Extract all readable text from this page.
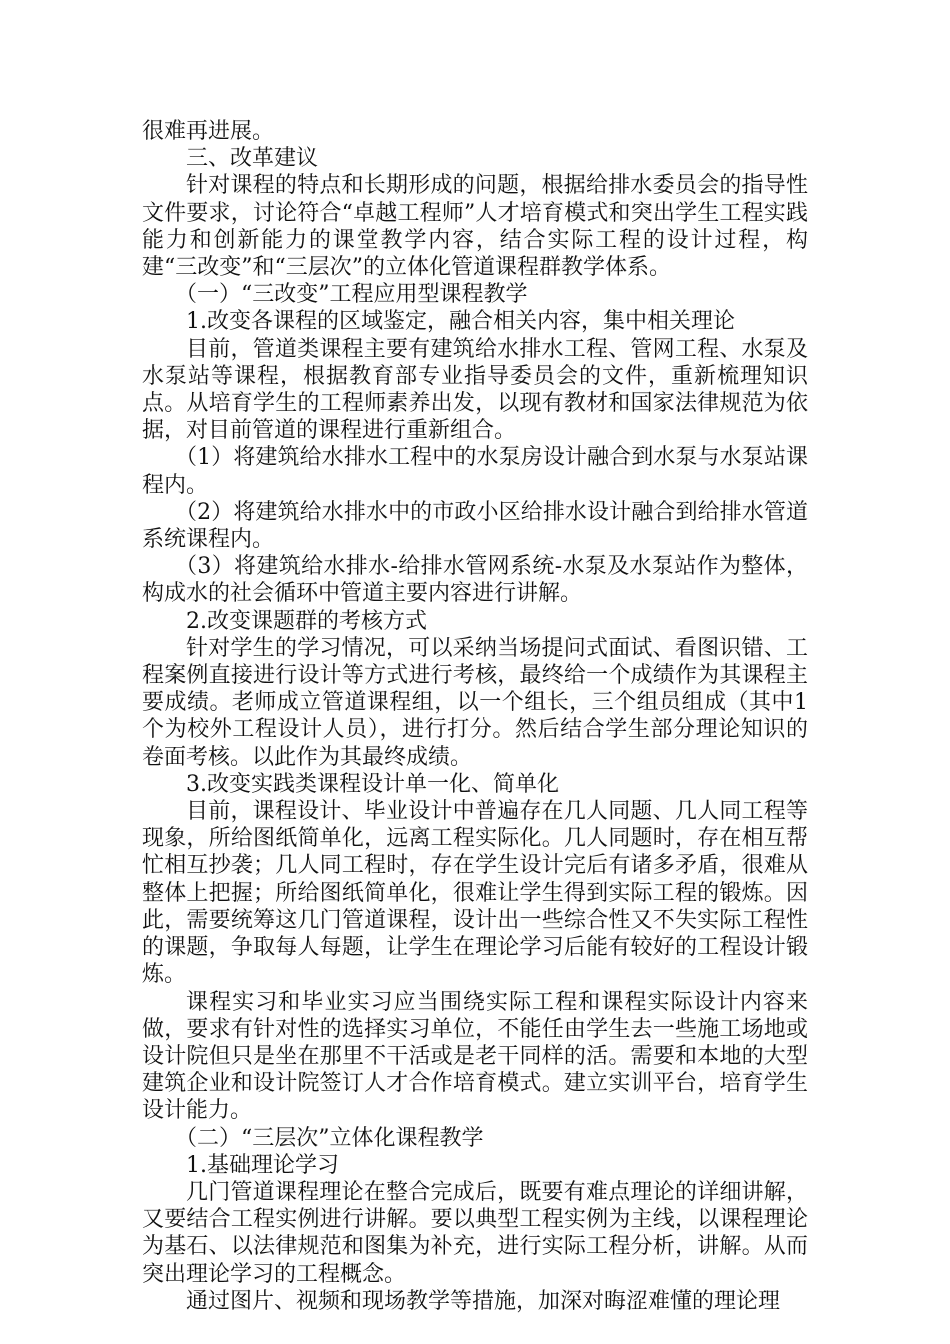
很难再进展。

三、改革建议

针对课程的特点和长期形成的问题，根据给排水委员会的指导性文件要求，讨论符合“卓越工程师”人才培育模式和突出学生工程实践能力和创新能力的课堂教学内容，结合实际工程的设计过程，构建“三改变”和“三层次”的立体化管道课程群教学体系。

（一）“三改变”工程应用型课程教学

1.改变各课程的区域鉴定，融合相关内容，集中相关理论

目前，管道类课程主要有建筑给水排水工程、管网工程、水泵及水泵站等课程，根据教育部专业指导委员会的文件，重新梳理知识点。从培育学生的工程师素养出发，以现有教材和国家法律规范为依据，对目前管道的课程进行重新组合。

（1）将建筑给水排水工程中的水泵房设计融合到水泵与水泵站课程内。

（2）将建筑给水排水中的市政小区给排水设计融合到给排水管道系统课程内。

（3）将建筑给水排水-给排水管网系统-水泵及水泵站作为整体，构成水的社会循环中管道主要内容进行讲解。

2.改变课题群的考核方式

针对学生的学习情况，可以采纳当场提问式面试、看图识错、工程案例直接进行设计等方式进行考核，最终给一个成绩作为其课程主要成绩。老师成立管道课程组，以一个组长，三个组员组成（其中1个为校外工程设计人员），进行打分。然后结合学生部分理论知识的卷面考核。以此作为其最终成绩。

3.改变实践类课程设计单一化、简单化

目前，课程设计、毕业设计中普遍存在几人同题、几人同工程等现象，所给图纸简单化，远离工程实际化。几人同题时，存在相互帮忙相互抄袭；几人同工程时，存在学生设计完后有诸多矛盾，很难从整体上把握；所给图纸简单化，很难让学生得到实际工程的锻炼。因此，需要统筹这几门管道课程，设计出一些综合性又不失实际工程性的课题，争取每人每题，让学生在理论学习后能有较好的工程设计锻炼。

课程实习和毕业实习应当围绕实际工程和课程实际设计内容来做，要求有针对性的选择实习单位，不能任由学生去一些施工场地或设计院但只是坐在那里不干活或是老干同样的活。需要和本地的大型建筑企业和设计院签订人才合作培育模式。建立实训平台，培育学生设计能力。

（二）“三层次”立体化课程教学

1.基础理论学习

几门管道课程理论在整合完成后，既要有难点理论的详细讲解，又要结合工程实例进行讲解。要以典型工程实例为主线，以课程理论为基石、以法律规范和图集为补充，进行实际工程分析，讲解。从而突出理论学习的工程概念。

通过图片、视频和现场教学等措施，加深对晦涩难懂的理论理
